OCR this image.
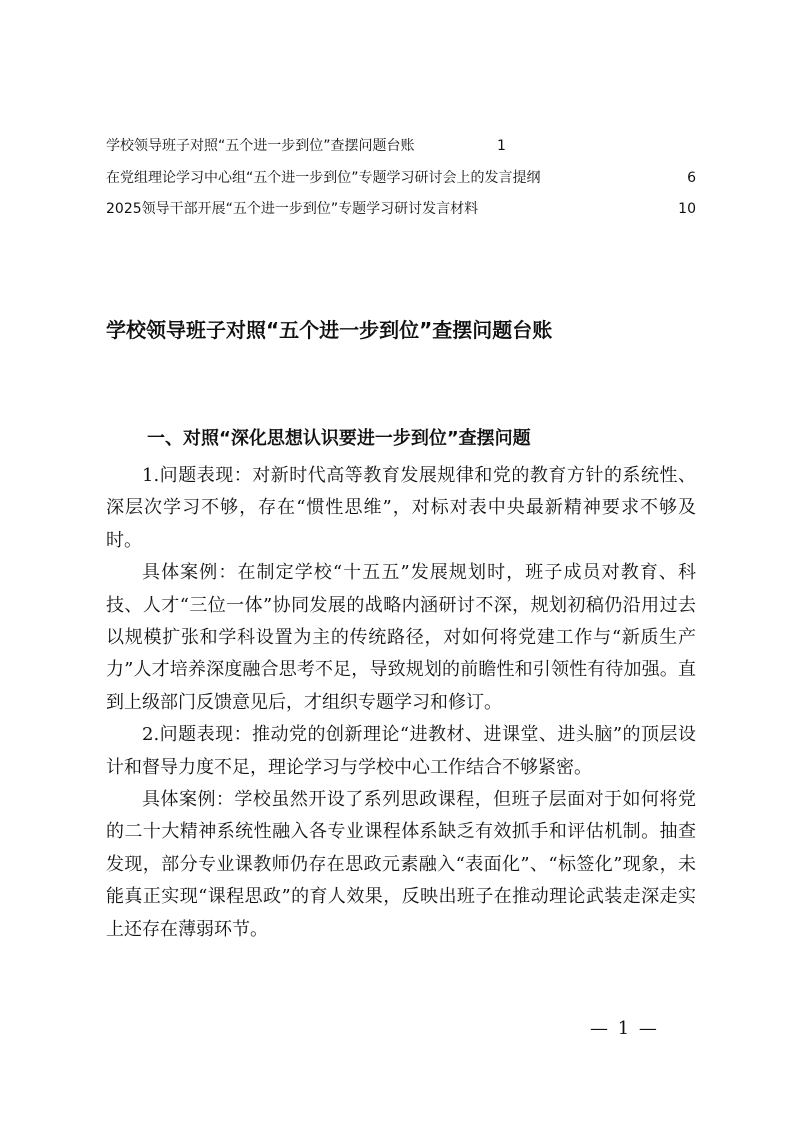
学校领导班子对照“五个进一步到位”查摆问题台账	1
在党组理论学习中心组“五个进一步到位”专题学习研讨会上的发言提纲	6
2025领导干部开展“五个进一步到位”专题学习研讨发言材料	10
学校领导班子对照“五个进一步到位”查摆问题台账
一、对照“深化思想认识要进一步到位”查摆问题

1.问题表现：对新时代高等教育发展规律和党的教育方针的系统性、深层次学习不够，存在“惯性思维”，对标对表中央最新精神要求不够及时。

具体案例：在制定学校“十五五”发展规划时，班子成员对教育、科技、人才“三位一体”协同发展的战略内涵研讨不深，规划初稿仍沿用过去以规模扩张和学科设置为主的传统路径，对如何将党建工作与“新质生产力”人才培养深度融合思考不足，导致规划的前瞻性和引领性有待加强。直到上级部门反馈意见后，才组织专题学习和修订。

2.问题表现：推动党的创新理论“进教材、进课堂、进头脑”的顶层设计和督导力度不足，理论学习与学校中心工作结合不够紧密。

具体案例：学校虽然开设了系列思政课程，但班子层面对于如何将党的二十大精神系统性融入各专业课程体系缺乏有效抓手和评估机制。抽查发现，部分专业课教师仍存在思政元素融入“表面化”、“标签化”现象，未能真正实现“课程思政”的育人效果，反映出班子在推动理论武装走深走实上还存在薄弱环节。

— 1 —
